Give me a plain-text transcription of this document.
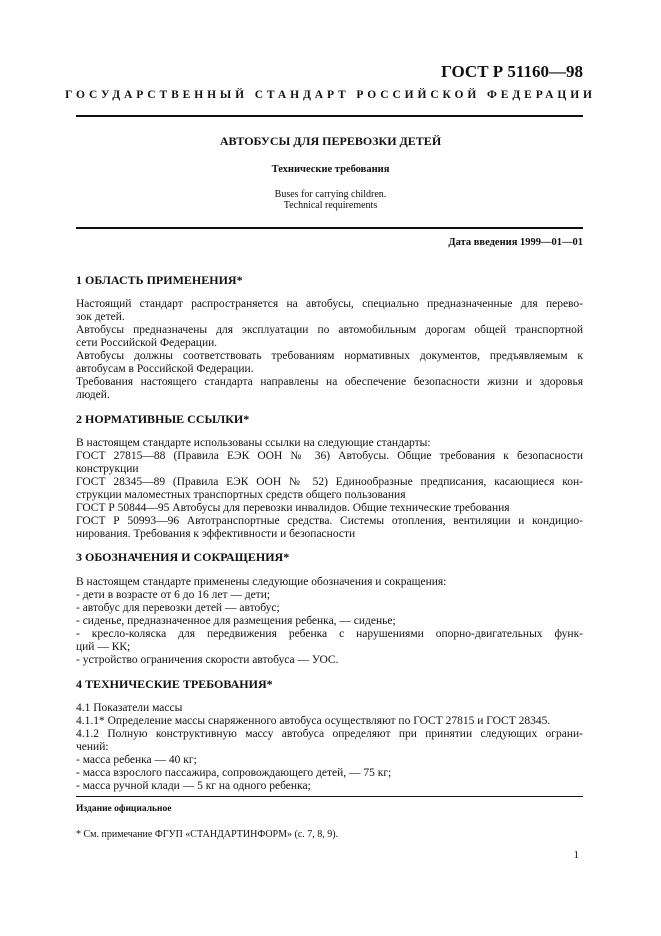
ГОСТ Р 51160—98
ГОСУДАРСТВЕННЫЙ СТАНДАРТ РОССИЙСКОЙ ФЕДЕРАЦИИ
АВТОБУСЫ ДЛЯ ПЕРЕВОЗКИ ДЕТЕЙ
Технические требования
Buses for carrying children.
Technical requirements
Дата введения 1999—01—01
1 ОБЛАСТЬ ПРИМЕНЕНИЯ*
Настоящий стандарт распространяется на автобусы, специально предназначенные для перево-
зок детей.
Автобусы предназначены для эксплуатации по автомобильным дорогам общей транспортной
сети Российской Федерации.
Автобусы должны соответствовать требованиям нормативных документов, предъявляемым к
автобусам в Российской Федерации.
Требования настоящего стандарта направлены на обеспечение безопасности жизни и здоровья
людей.
2 НОРМАТИВНЫЕ ССЫЛКИ*
В настоящем стандарте использованы ссылки на следующие стандарты:
ГОСТ 27815—88 (Правила ЕЭК ООН № 36) Автобусы. Общие требования к безопасности
конструкции
ГОСТ 28345—89 (Правила ЕЭК ООН № 52) Единообразные предписания, касающиеся кон-
струкции маломестных транспортных средств общего пользования
ГОСТ Р 50844—95 Автобусы для перевозки инвалидов. Общие технические требования
ГОСТ Р 50993—96 Автотранспортные средства. Системы отопления, вентиляции и кондицио-
нирования. Требования к эффективности и безопасности
3 ОБОЗНАЧЕНИЯ И СОКРАЩЕНИЯ*
В настоящем стандарте применены следующие обозначения и сокращения:
- дети в возрасте от 6 до 16 лет — дети;
- автобус для перевозки детей — автобус;
- сиденье, предназначенное для размещения ребенка, — сиденье;
- кресло-коляска для передвижения ребенка с нарушениями опорно-двигательных функ-
ций — КК;
- устройство ограничения скорости автобуса — УОС.
4 ТЕХНИЧЕСКИЕ ТРЕБОВАНИЯ*
4.1 Показатели массы
4.1.1* Определение массы снаряженного автобуса осуществляют по ГОСТ 27815 и ГОСТ 28345.
4.1.2 Полную конструктивную массу автобуса определяют при принятии следующих ограни-
чений:
- масса ребенка — 40 кг;
- масса взрослого пассажира, сопровождающего детей, — 75 кг;
- масса ручной клади — 5 кг на одного ребенка;
Издание официальное
* См. примечание ФГУП «СТАНДАРТИНФОРМ» (с. 7, 8, 9).
1
